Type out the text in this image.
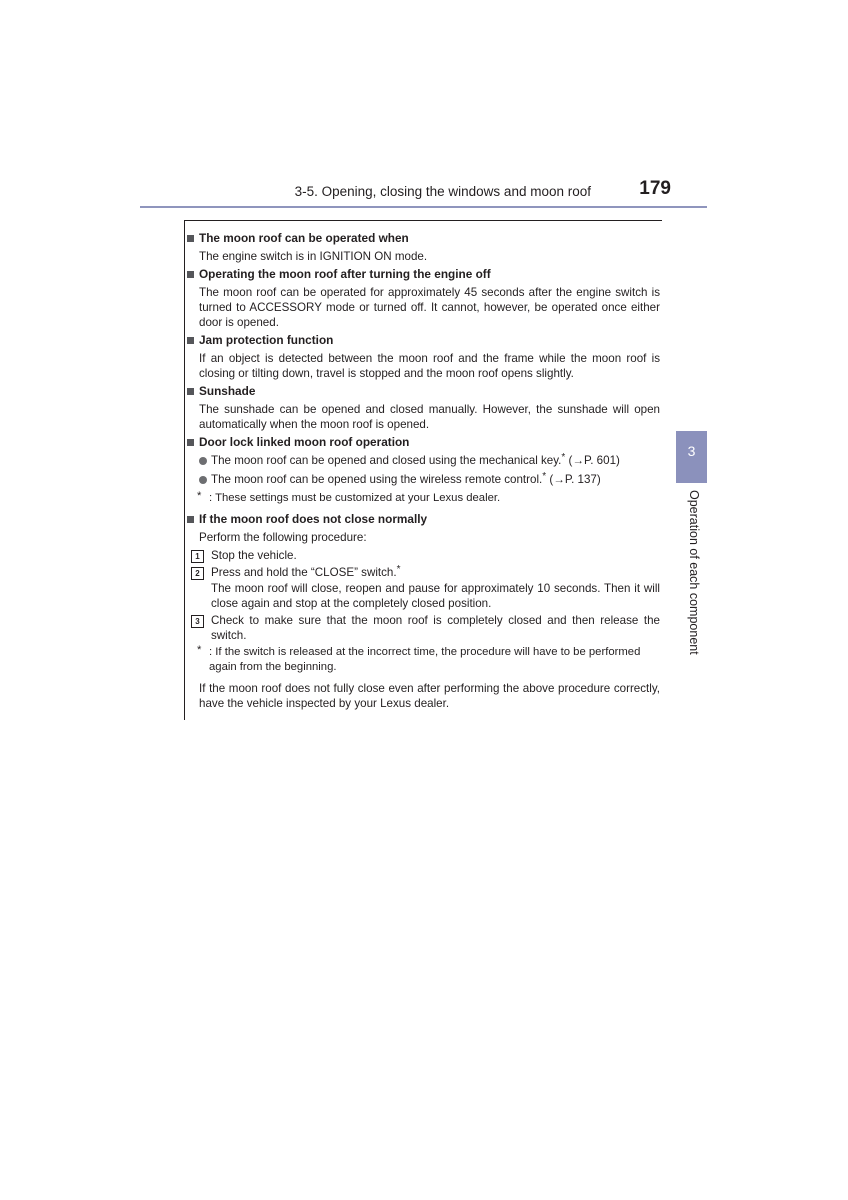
3-5. Opening, closing the windows and moon roof	179
The moon roof can be operated when
The engine switch is in IGNITION ON mode.
Operating the moon roof after turning the engine off
The moon roof can be operated for approximately 45 seconds after the engine switch is turned to ACCESSORY mode or turned off. It cannot, however, be operated once either door is opened.
Jam protection function
If an object is detected between the moon roof and the frame while the moon roof is closing or tilting down, travel is stopped and the moon roof opens slightly.
Sunshade
The sunshade can be opened and closed manually. However, the sunshade will open automatically when the moon roof is opened.
Door lock linked moon roof operation
The moon roof can be opened and closed using the mechanical key.* (→P. 601)
The moon roof can be opened using the wireless remote control.* (→P. 137)
* : These settings must be customized at your Lexus dealer.
If the moon roof does not close normally
Perform the following procedure:
1 Stop the vehicle.
2 Press and hold the “CLOSE” switch.*
The moon roof will close, reopen and pause for approximately 10 seconds. Then it will close again and stop at the completely closed position.
3 Check to make sure that the moon roof is completely closed and then release the switch.
* : If the switch is released at the incorrect time, the procedure will have to be performed again from the beginning.
If the moon roof does not fully close even after performing the above procedure correctly, have the vehicle inspected by your Lexus dealer.
3
Operation of each component
